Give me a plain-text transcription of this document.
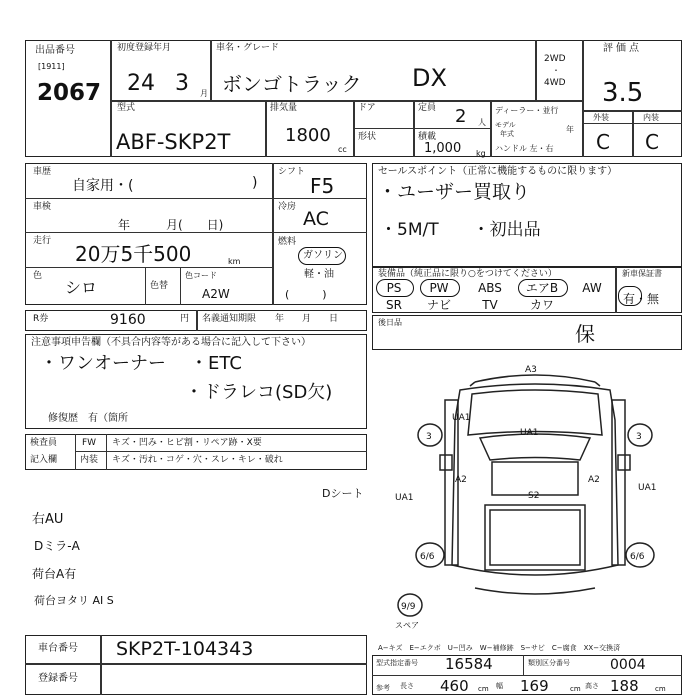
出品番号
[1911]
2067
初度登録年月
24 3 月
車名・グレード
ボンゴトラック DX
2WD
・
4WD
評価点
3.5
外装	内装
C C
型式
ABF-SKP2T
排気量
1800
cc
ドア
形状
定員 2 人
積載
1,000 kg
ディーラー・並行
モデル
年式	年
ハンドル 左・右
車歴
自家用・(	)
車検
年　　　月(　　日)
走行
20万5千500	km
色
シロ	色替
色コード
A2W
シフト
F5
冷房
AC
燃料
ガソリン
軽・油
(　　　)
セールスポイント（正常に機能するものに限ります）
・ユーザー買取り
・5M/T　　・初出品
装備品（純正品に限り○をつけてください）	新車保証書
有・無
PS	PW	ABS	エアB	AW
SR	ナビ	TV	カワ
R券	9160	円 名義通知期限 年　　月　　日	後日品	保
注意事項申告欄（不具合内容等がある場合に記入して下さい）
・ワンオーナー ・ETC
・ドラレコ(SD欠)
修復歴　有（箇所
検査員
記入欄
FW キズ・凹み・ヒビ割・リペア跡・X要
内装 キズ・汚れ・コゲ・穴・スレ・キレ・破れ
Dシート
右AU
Dミラ-A
荷台A有
荷台ヨタリ AI S
A3
UA1
UA1
A2	A2
S2
UA1
UA1
3	3
6/6	6/6
9/9
スペア
A−キズ　E−エクボ　U−凹み　W−補修跡　S−サビ　C−腐食　XX−交換済
車台番号 SKP2T-104343
登録番号
型式指定番号 16584	類別区分番号	0004
長さ
参考	460 cm 幅 169	cm 高さ 188 cm
